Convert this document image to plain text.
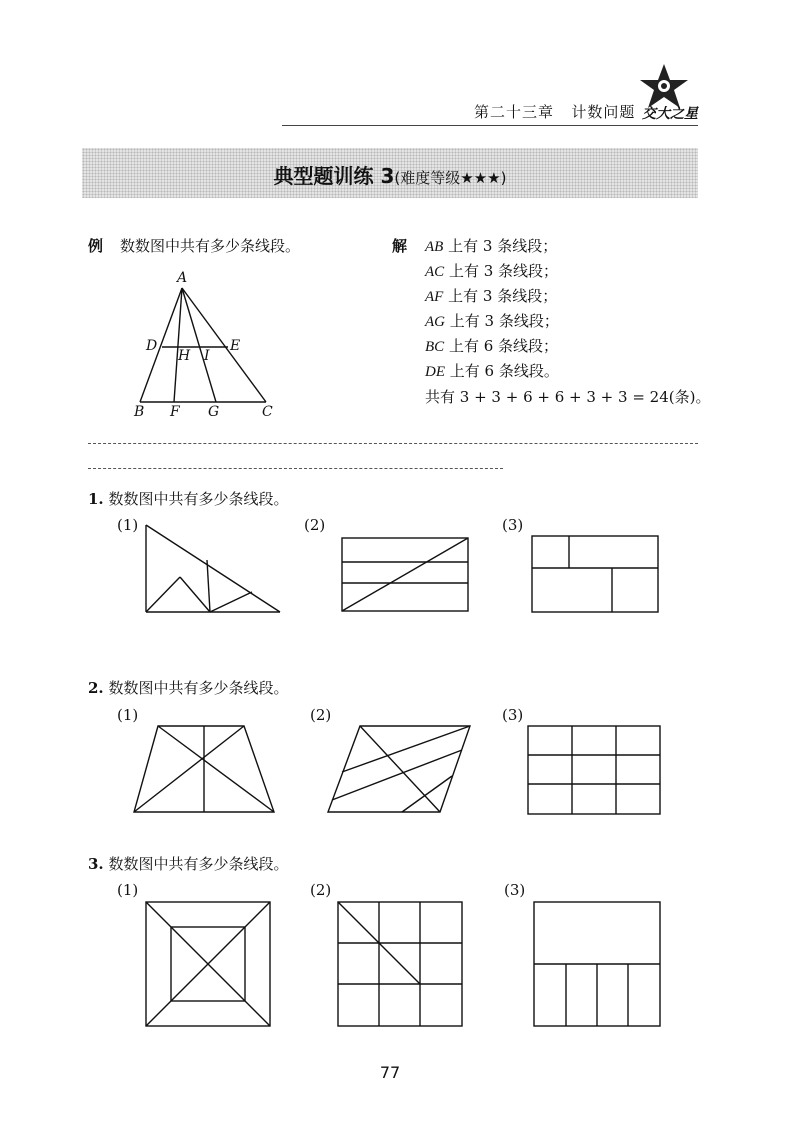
第二十三章 计数问题 交大之星
典型题训练 3(难度等级★★★)
例 数数图中共有多少条线段。
A
D
H I
E
B F G	C
解 AB 上有 3 条线段；
AC 上有 3 条线段；
AF 上有 3 条线段；
AG 上有 3 条线段；
BC 上有 6 条线段；
DE 上有 6 条线段。
共有 3 + 3 + 6 + 6 + 3 + 3 = 24(条)。
1. 数数图中共有多少条线段。
(1)	(2)	(3)
2. 数数图中共有多少条线段。
(1)	(2)	(3)
3. 数数图中共有多少条线段。
(1)	(2)	(3)
77
